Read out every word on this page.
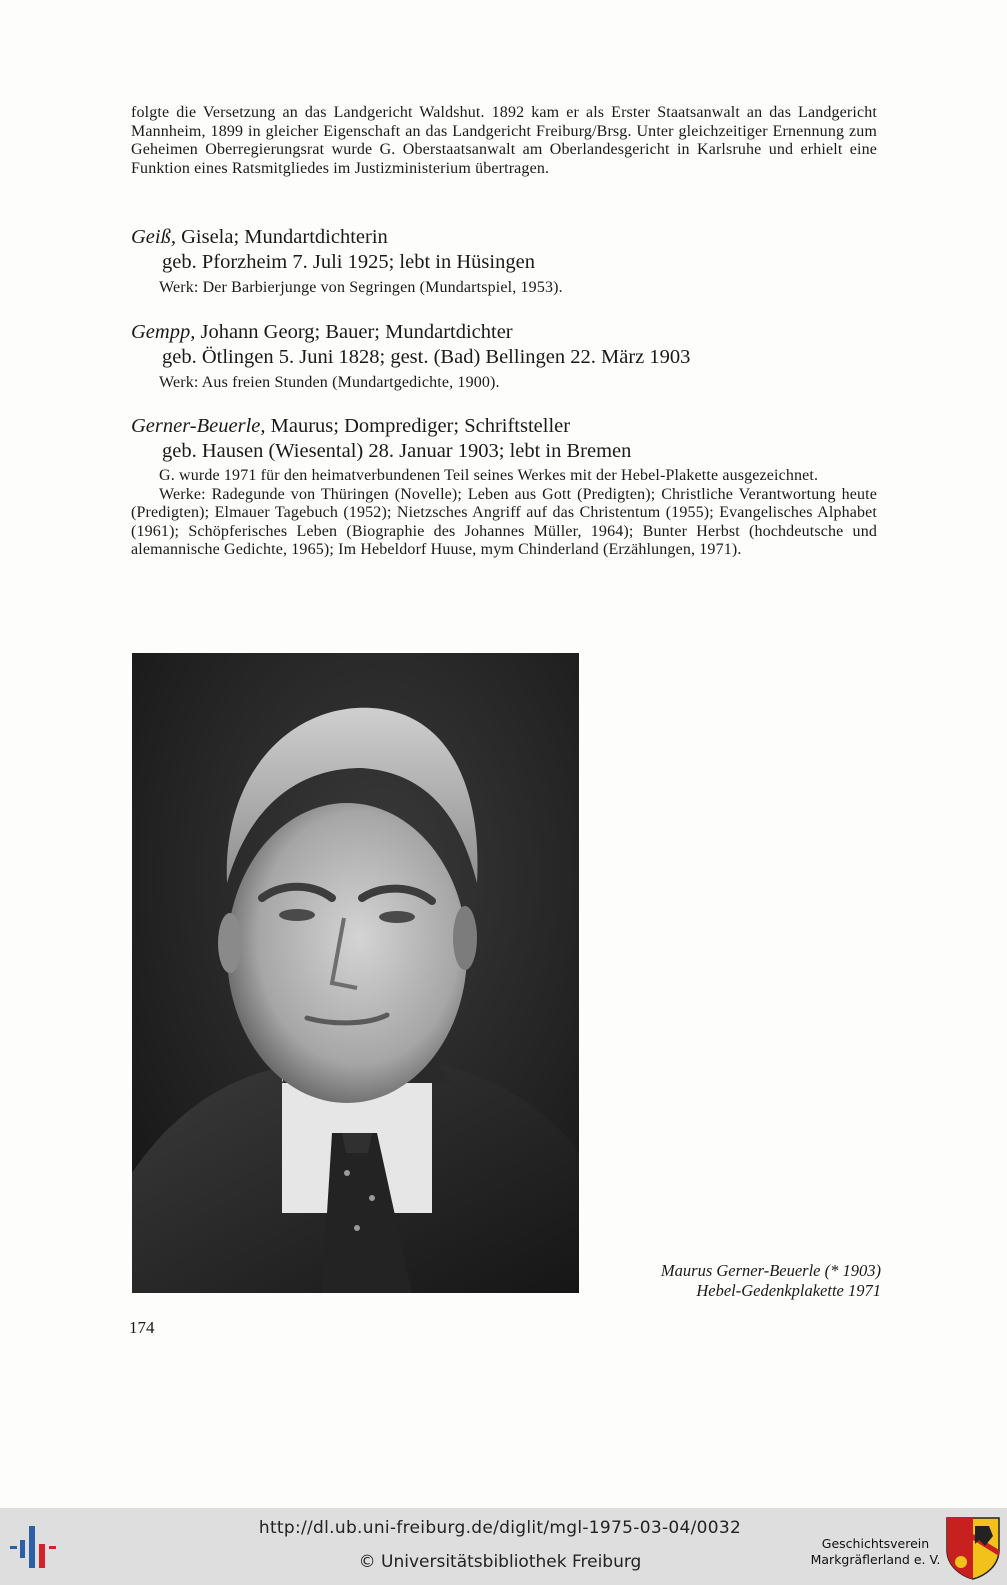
folgte die Versetzung an das Landgericht Waldshut. 1892 kam er als Erster Staatsanwalt an das Landgericht Mannheim, 1899 in gleicher Eigenschaft an das Landgericht Freiburg/Brsg. Unter gleichzeitiger Ernennung zum Geheimen Oberregierungsrat wurde G. Oberstaatsanwalt am Oberlandesgericht in Karlsruhe und erhielt eine Funktion eines Ratsmitgliedes im Justizministerium übertragen.
Geiß, Gisela; Mundartdichterin
geb. Pforzheim 7. Juli 1925; lebt in Hüsingen
Werk: Der Barbierjunge von Segringen (Mundartspiel, 1953).
Gempp, Johann Georg; Bauer; Mundartdichter
geb. Ötlingen 5. Juni 1828; gest. (Bad) Bellingen 22. März 1903
Werk: Aus freien Stunden (Mundartgedichte, 1900).
Gerner-Beuerle, Maurus; Domprediger; Schriftsteller
geb. Hausen (Wiesental) 28. Januar 1903; lebt in Bremen
G. wurde 1971 für den heimatverbundenen Teil seines Werkes mit der Hebel-Plakette ausgezeichnet.
Werke: Radegunde von Thüringen (Novelle); Leben aus Gott (Predigten); Christliche Verantwortung heute (Predigten); Elmauer Tagebuch (1952); Nietzsches Angriff auf das Christentum (1955); Evangelisches Alphabet (1961); Schöpferisches Leben (Biographie des Johannes Müller, 1964); Bunter Herbst (hochdeutsche und alemannische Gedichte, 1965); Im Hebeldorf Huuse, mym Chinderland (Erzählungen, 1971).
Maurus Gerner-Beuerle (* 1903)
Hebel-Gedenkplakette 1971
174
http://dl.ub.uni-freiburg.de/diglit/mgl-1975-03-04/0032
© Universitätsbibliothek Freiburg
Geschichtsverein
Markgräflerland e. V.
